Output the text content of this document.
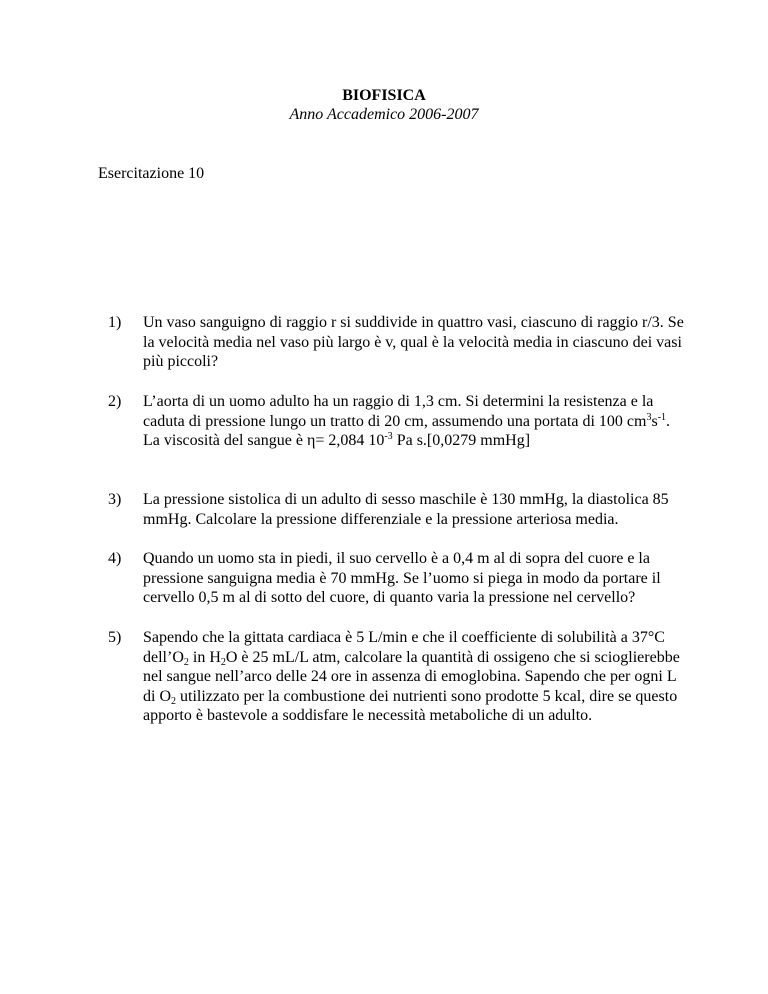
BIOFISICA
Anno Accademico 2006-2007
Esercitazione 10
1) Un vaso sanguigno di raggio r si suddivide in quattro vasi, ciascuno di raggio r/3. Se la velocità media nel vaso più largo è v, qual è la velocità media in ciascuno dei vasi più piccoli?
2) L’aorta di un uomo adulto ha un raggio di 1,3 cm. Si determini la resistenza e la caduta di pressione lungo un tratto di 20 cm, assumendo una portata di 100 $cm^3s^{-1}$. La viscosità del sangue è η= 2,084 $10^{-3}$ Pa s.[0,0279 mmHg]
3) La pressione sistolica di un adulto di sesso maschile è 130 mmHg, la diastolica 85 mmHg. Calcolare la pressione differenziale e la pressione arteriosa media.
4) Quando un uomo sta in piedi, il suo cervello è a 0,4 m al di sopra del cuore e la pressione sanguigna media è 70 mmHg. Se l’uomo si piega in modo da portare il cervello 0,5 m al di sotto del cuore, di quanto varia la pressione nel cervello?
5) Sapendo che la gittata cardiaca è 5 L/min e che il coefficiente di solubilità a 37°C $dell’O_2$ in $H_2O$ è 25 mL/L atm, calcolare la quantità di ossigeno che si scioglierebbe nel sangue nell’arco delle 24 ore in assenza di emoglobina. Sapendo che per ogni L di $O_2$ utilizzato per la combustione dei nutrienti sono prodotte 5 kcal, dire se questo apporto è bastevole a soddisfare le necessità metaboliche di un adulto.
